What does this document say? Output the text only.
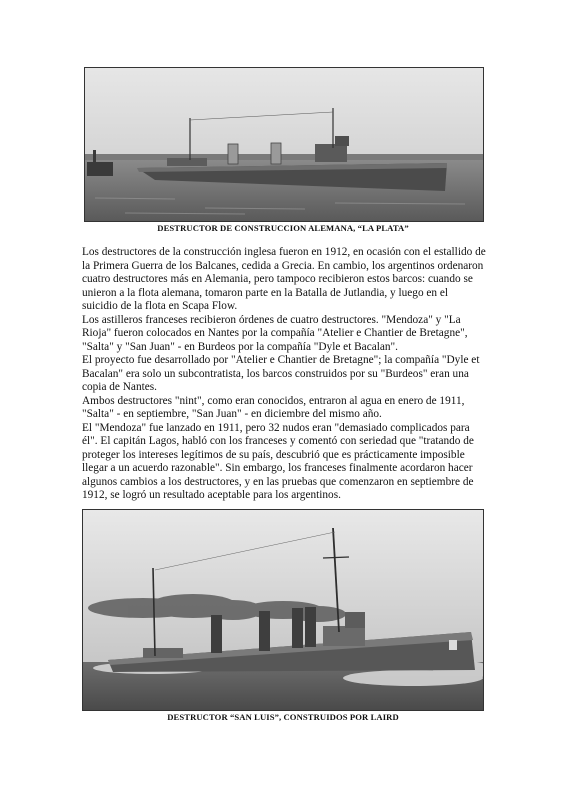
DESTRUCTOR DE CONSTRUCCION ALEMANA, “LA PLATA”

Los destructores de la construcción inglesa fueron en 1912, en ocasión con el estallido de la Primera Guerra de los Balcanes, cedida a Grecia. En cambio, los argentinos ordenaron cuatro destructores más en Alemania, pero tampoco recibieron estos barcos: cuando se unieron a la flota alemana, tomaron parte en la Batalla de Jutlandia, y luego en el suicidio de la flota en Scapa Flow.

Los astilleros franceses recibieron órdenes de cuatro destructores. "Mendoza" y "La Rioja" fueron colocados en Nantes por la compañía "Atelier e Chantier de Bretagne", "Salta" y "San Juan" - en Burdeos por la compañía "Dyle et Bacalan".

El proyecto fue desarrollado por "Atelier e Chantier de Bretagne"; la compañía "Dyle et Bacalan" era solo un subcontratista, los barcos construidos por su "Burdeos" eran una copia de Nantes.

Ambos destructores "nint", como eran conocidos, entraron al agua en enero de 1911, "Salta" - en septiembre, "San Juan" - en diciembre del mismo año.

El "Mendoza" fue lanzado en 1911, pero 32 nudos eran "demasiado complicados para él". El capitán Lagos, habló con los franceses y comentó con seriedad que "tratando de proteger los intereses legítimos de su país, descubrió que es prácticamente imposible llegar a un acuerdo razonable". Sin embargo, los franceses finalmente acordaron hacer algunos cambios a los destructores, y en las pruebas que comenzaron en septiembre de 1912, se logró un resultado aceptable para los argentinos.

DESTRUCTOR “SAN LUIS”, CONSTRUIDOS POR LAIRD
